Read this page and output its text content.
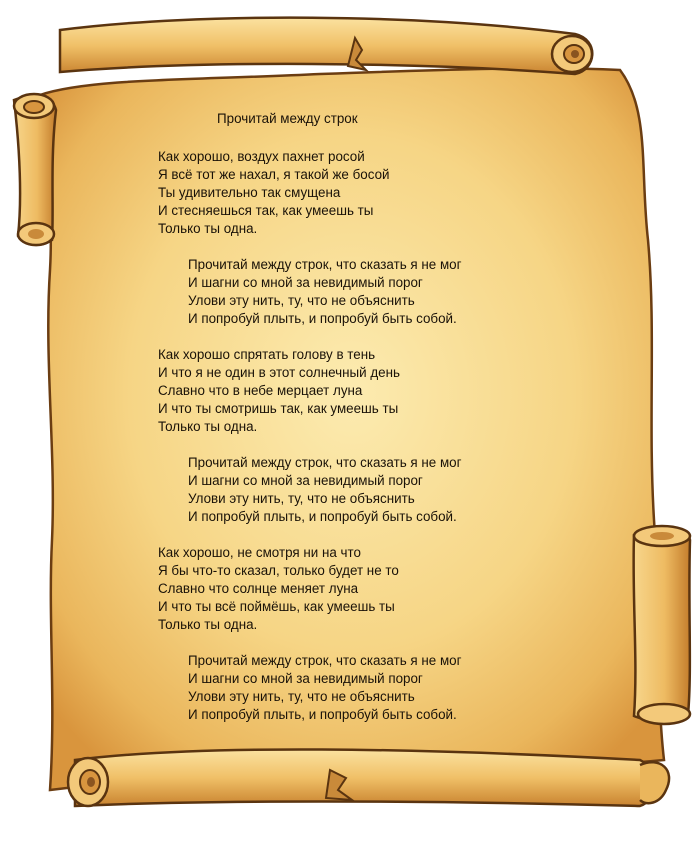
Прочитай между строк
Как хорошо, воздух пахнет росой
Я всё тот же нахал, я такой же босой
Ты удивительно так смущена
И стесняешься так, как умеешь ты
Только ты одна.
Прочитай между строк, что сказать я не мог
И шагни со мной за невидимый порог
Улови эту нить, ту, что не объяснить
И попробуй плыть, и попробуй быть собой.
Как хорошо спрятать голову в тень
И что я не один в этот солнечный день
Славно что в небе мерцает луна
И что ты смотришь так, как умеешь ты
Только ты одна.
Прочитай между строк, что сказать я не мог
И шагни со мной за невидимый порог
Улови эту нить, ту, что не объяснить
И попробуй плыть, и попробуй быть собой.
Как хорошо, не смотря ни на что
Я бы что-то сказал, только будет не то
Славно что солнце меняет луна
И что ты всё поймёшь, как умеешь ты
Только ты одна.
Прочитай между строк, что сказать я не мог
И шагни со мной за невидимый порог
Улови эту нить, ту, что не объяснить
И попробуй плыть, и попробуй быть собой.
